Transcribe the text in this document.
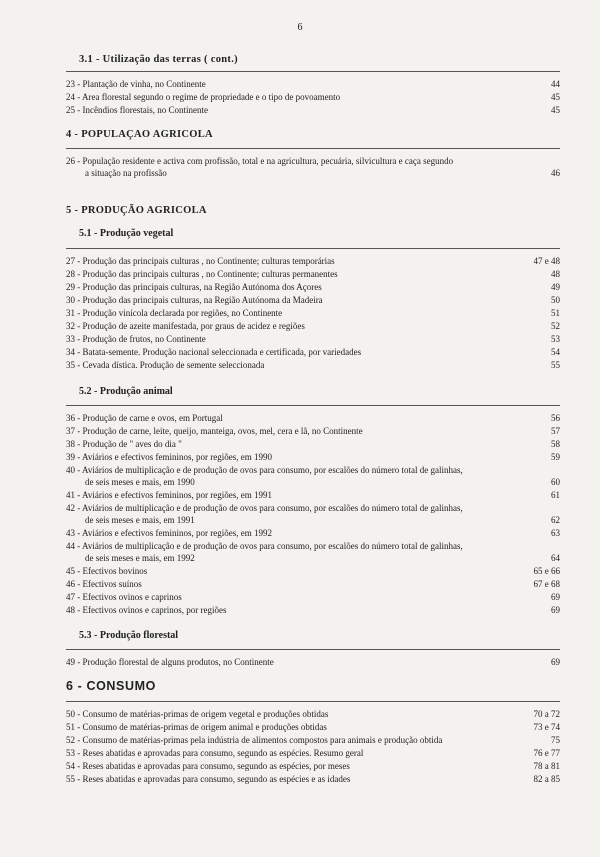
6
3.1 - Utilização das terras ( cont.)
23 - Plantação de vinha, no Continente	44
24 - Area florestal segundo o regime de propriedade e o tipo de povoamento	45
25 - Incêndios florestais, no Continente	45
4 - POPULAÇAO AGRICOLA
26 - População residente e activa com profissão, total e na agricultura, pecuária, silvicultura e caça segundo
a situação na profissão	46
5 - PRODUÇÃO AGRICOLA
5.1 - Produção vegetal
27 - Produção das principais culturas , no Continente; culturas temporárias	47 e 48
28 - Produção das principais culturas , no Continente; culturas permanentes	48
29 - Produção das principais culturas, na Região Autónoma dos Açores	49
30 - Produção das principais culturas, na Região Autónoma da Madeira	50
31 - Produção vinícola declarada por regiões, no Continente	51
32 - Produção de azeite manifestada, por graus de acidez e regiões	52
33 - Produção de frutos, no Continente	53
34 - Batata-semente. Produção nacional seleccionada e certificada, por variedades	54
35 - Cevada dística. Produção de semente seleccionada	55
5.2 - Produção animal
36 - Produção de carne e ovos, em Portugal	56
37 - Produção de carne, leite, queijo, manteiga, ovos, mel, cera e lã, no Continente	57
38 - Produção de " aves do dia "	58
39 - Aviários e efectivos femininos, por regiões, em 1990	59
40 - Aviários de multiplicação e de produção de ovos para consumo, por escalões do número total de galinhas,
de seis meses e mais, em 1990	60
41 - Aviários e efectivos femininos, por regiões, em 1991	61
42 - Aviários de multiplicação e de produção de ovos para consumo, por escalões do número total de galinhas,
de seis meses e mais, em 1991	62
43 - Aviários e efectivos femininos, por regiões, em 1992	63
44 - Aviários de multiplicação e de produção de ovos para consumo, por escalões do número total de galinhas,
de seis meses e mais, em 1992	64
45 - Efectivos bovinos	65 e 66
46 - Efectivos suínos	67 e 68
47 - Efectivos ovinos e caprinos	69
48 - Efectivos ovinos e caprinos, por regiões	69
5.3 - Produção florestal
49 - Produção florestal de alguns produtos, no Continente	69
6 - CONSUMO
50 - Consumo de matérias-primas de origem vegetal e produções obtidas	70 a 72
51 - Consumo de matérias-primas de origem animal e produções obtidas	73 e 74
52 - Consumo de matérias-primas pela indústria de alimentos compostos para animais e produção obtida	75
53 - Reses abatidas e aprovadas para consumo, segundo as espécies. Resumo geral	76 e 77
54 - Reses abatidas e aprovadas para consumo, segundo as espécies, por meses	78 a 81
55 - Reses abatidas e aprovadas para consumo, segundo as espécies e as idades	82 a 85
